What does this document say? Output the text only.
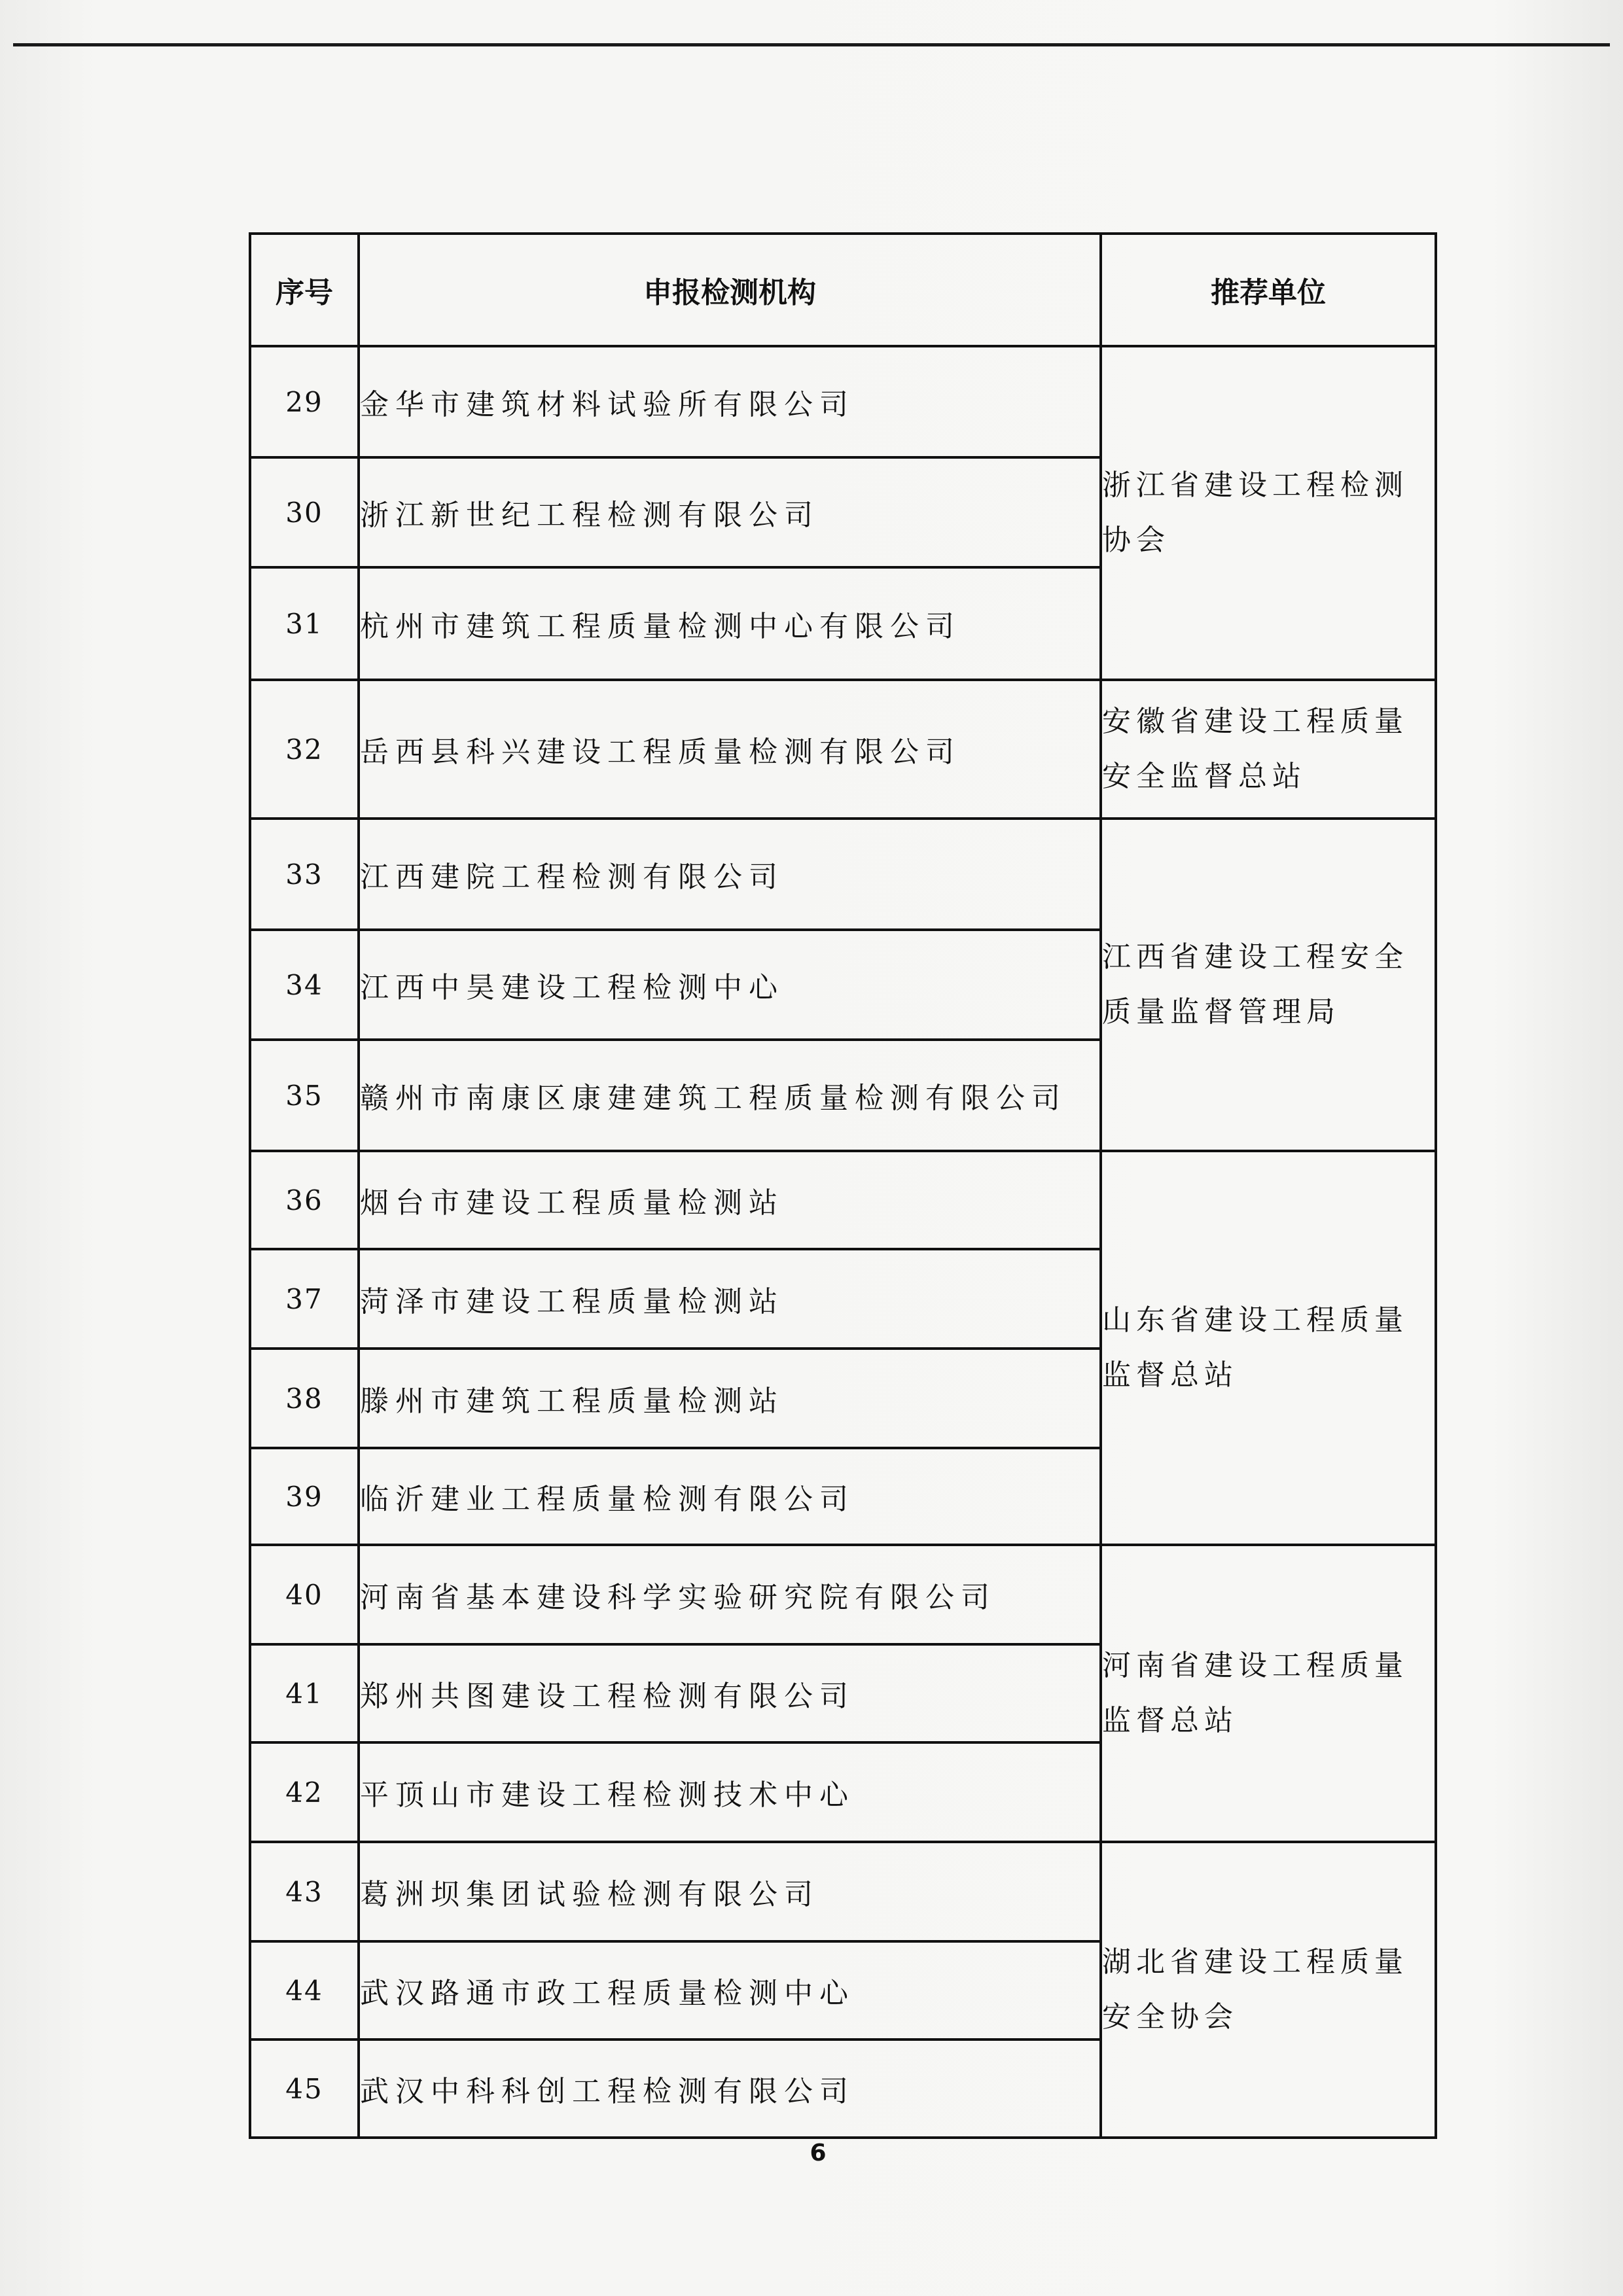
序号	申报检测机构	推荐单位
29	金华市建筑材料试验所有限公司	浙江省建设工程检测协会
30	浙江新世纪工程检测有限公司	
31	杭州市建筑工程质量检测中心有限公司	
32	岳西县科兴建设工程质量检测有限公司	安徽省建设工程质量安全监督总站
33	江西建院工程检测有限公司	江西省建设工程安全质量监督管理局
34	江西中昊建设工程检测中心	
35	赣州市南康区康建建筑工程质量检测有限公司	
36	烟台市建设工程质量检测站	山东省建设工程质量监督总站
37	菏泽市建设工程质量检测站	
38	滕州市建筑工程质量检测站	
39	临沂建业工程质量检测有限公司	
40	河南省基本建设科学实验研究院有限公司	河南省建设工程质量监督总站
41	郑州共图建设工程检测有限公司	
42	平顶山市建设工程检测技术中心	
43	葛洲坝集团试验检测有限公司	湖北省建设工程质量安全协会
44	武汉路通市政工程质量检测中心	
45	武汉中科科创工程检测有限公司	
6
